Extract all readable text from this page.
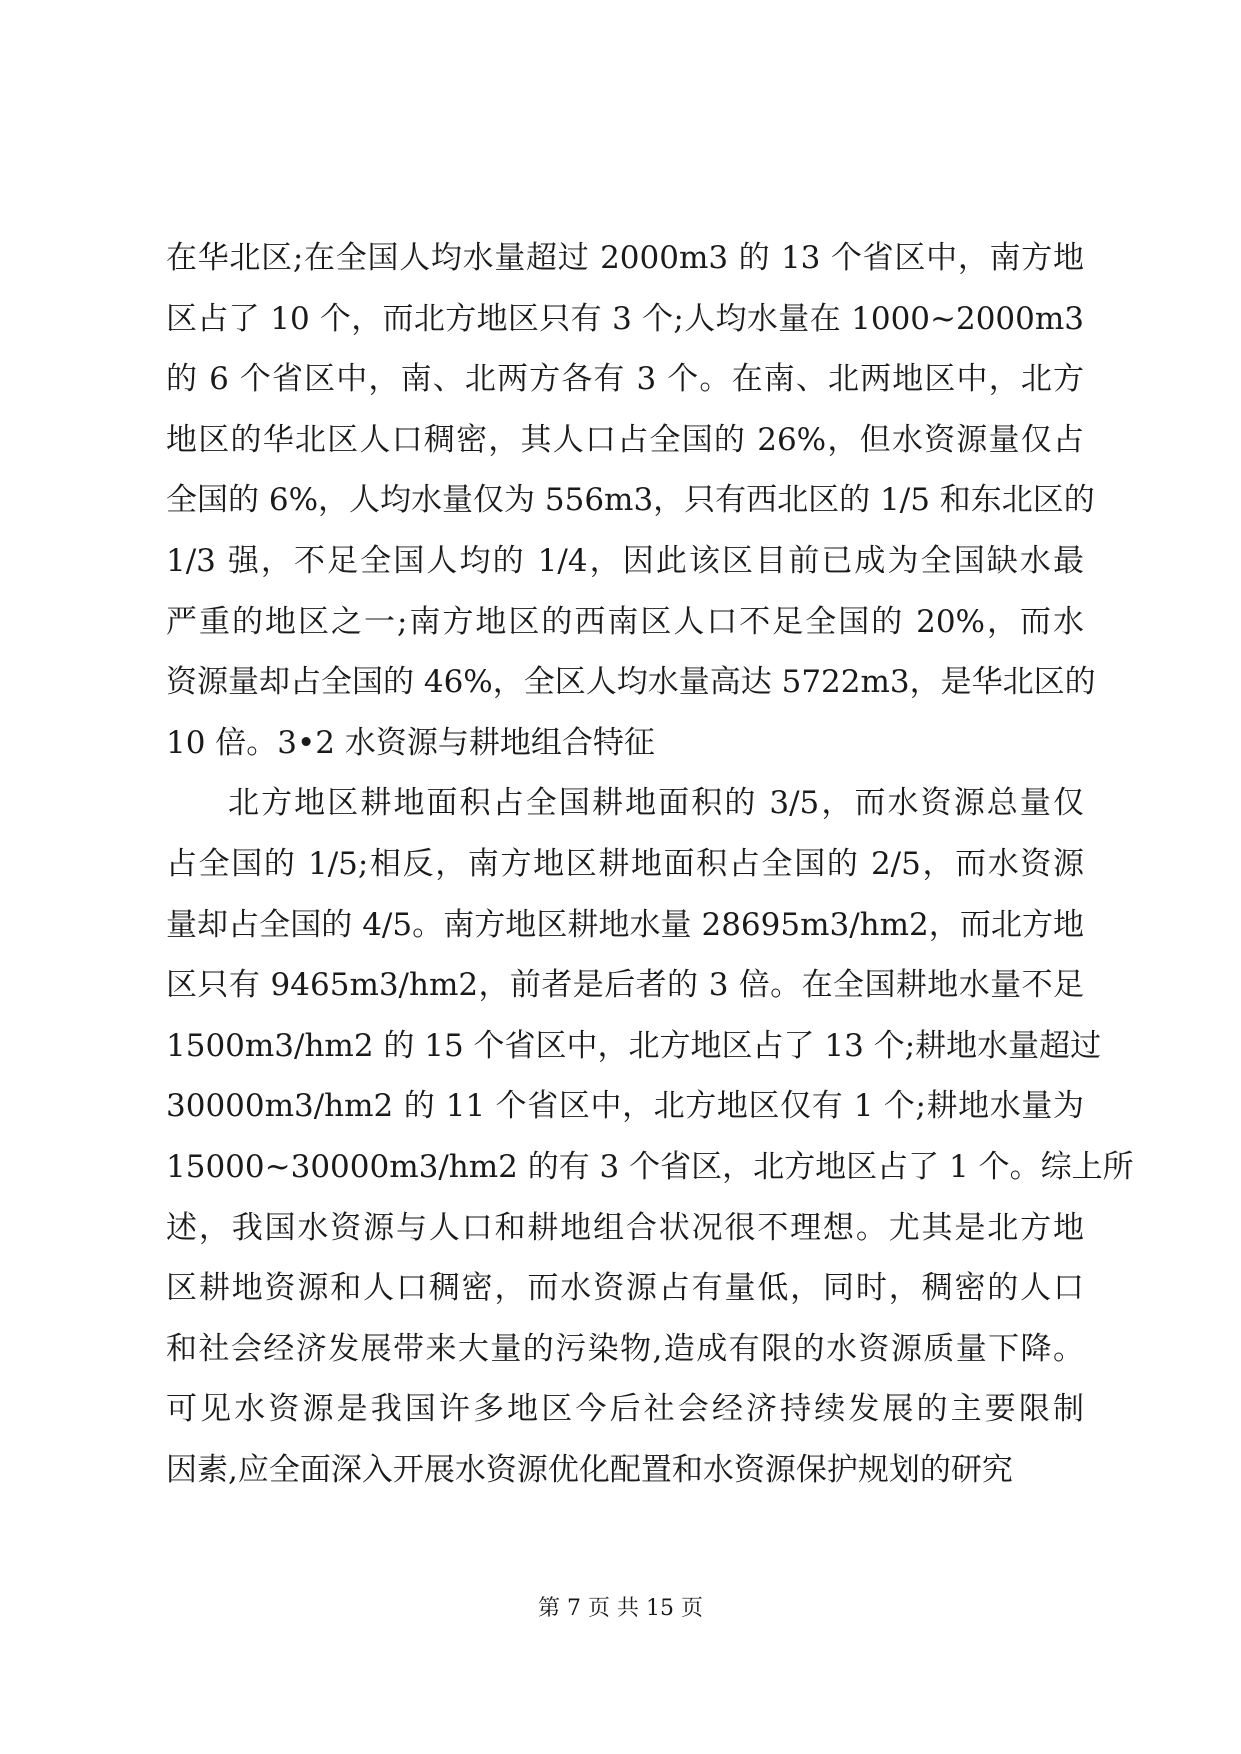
在华北区;在全国人均水量超过 2000m3 的 13 个省区中，南方地

区占了 10 个，而北方地区只有 3 个;人均水量在 1000~2000m3

的 6 个省区中，南、北两方各有 3 个。在南、北两地区中，北方

地区的华北区人口稠密，其人口占全国的 26%，但水资源量仅占

全国的 6%，人均水量仅为 556m3，只有西北区的 1/5 和东北区的

1/3 强，不足全国人均的 1/4，因此该区目前已成为全国缺水最

严重的地区之一;南方地区的西南区人口不足全国的 20%，而水

资源量却占全国的 46%，全区人均水量高达 5722m3，是华北区的

10 倍。3•2 水资源与耕地组合特征

北方地区耕地面积占全国耕地面积的 3/5，而水资源总量仅

占全国的 1/5;相反，南方地区耕地面积占全国的 2/5，而水资源

量却占全国的 4/5。南方地区耕地水量 28695m3/hm2，而北方地

区只有 9465m3/hm2，前者是后者的 3 倍。在全国耕地水量不足

1500m3/hm2 的 15 个省区中，北方地区占了 13 个;耕地水量超过

30000m3/hm2 的 11 个省区中，北方地区仅有 1 个;耕地水量为

15000~30000m3/hm2 的有 3 个省区，北方地区占了 1 个。综上所

述，我国水资源与人口和耕地组合状况很不理想。尤其是北方地

区耕地资源和人口稠密，而水资源占有量低，同时，稠密的人口

和社会经济发展带来大量的污染物,造成有限的水资源质量下降。

可见水资源是我国许多地区今后社会经济持续发展的主要限制

因素,应全面深入开展水资源优化配置和水资源保护规划的研究

第 7 页 共 15 页
